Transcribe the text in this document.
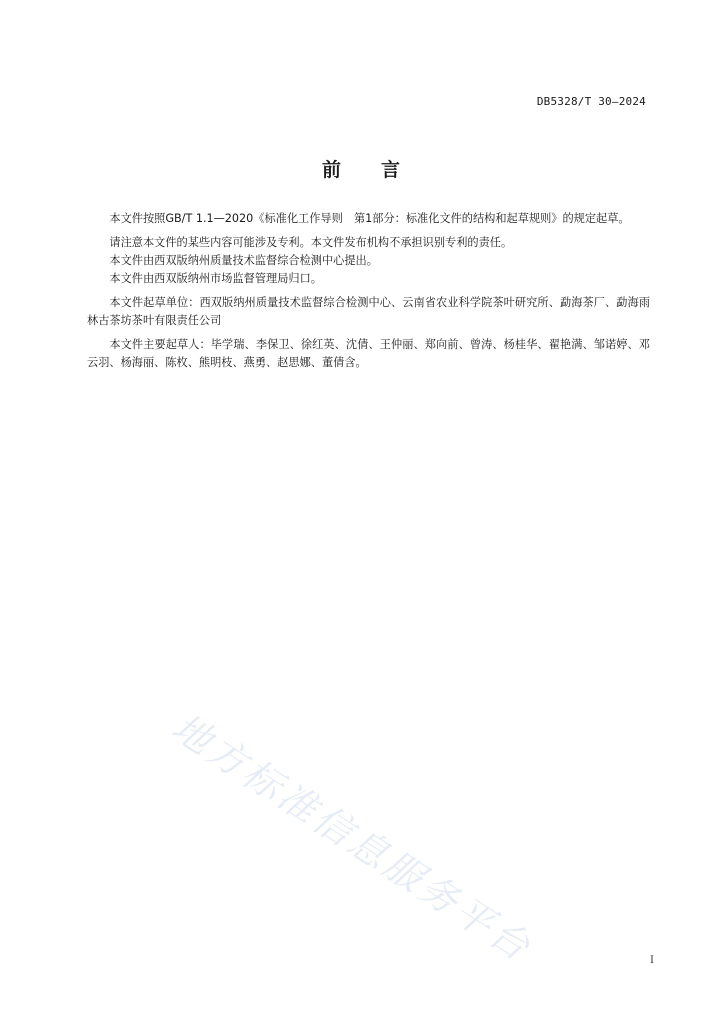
DB5328/T 30—2024
前 言

本文件按照GB/T 1.1—2020《标准化工作导则　第1部分：标准化文件的结构和起草规则》的规定起草。

请注意本文件的某些内容可能涉及专利。本文件发布机构不承担识别专利的责任。

本文件由西双版纳州质量技术监督综合检测中心提出。

本文件由西双版纳州市场监督管理局归口。

本文件起草单位：西双版纳州质量技术监督综合检测中心、云南省农业科学院茶叶研究所、勐海茶厂、勐海雨林古茶坊茶叶有限责任公司

本文件主要起草人：毕学瑞、李保卫、徐红英、沈倩、王仲丽、郑向前、曾涛、杨桂华、翟艳满、邹诺婷、邓云羽、杨海丽、陈枚、熊明枝、燕勇、赵思娜、董倩含。

地方标准信息服务平台	I
